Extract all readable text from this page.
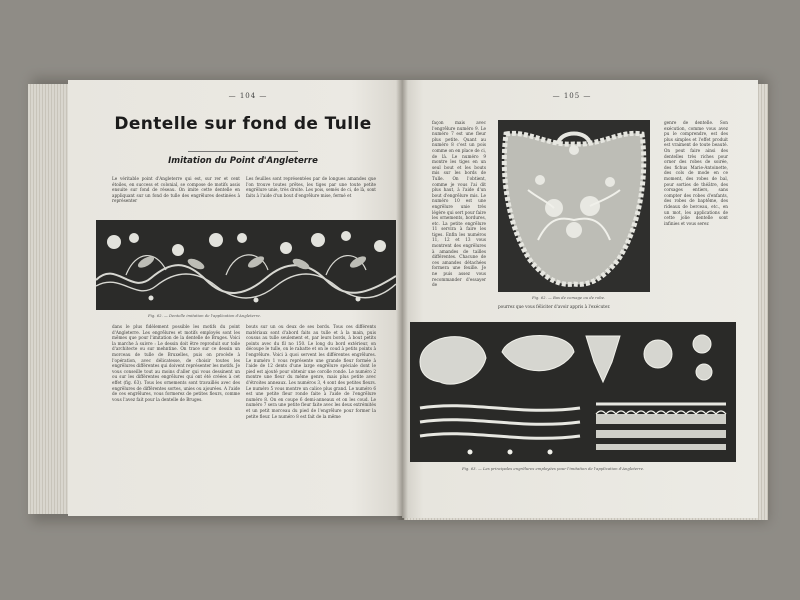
— 104 —
Dentelle sur fond de Tulle
Imitation du Point d'Angleterre
Le véritable point d'Angleterre qui est, sur rer et cent étoiles, en success et colonial, se compose de motifs assis ensuite sur fond de réseau. On imite cette dentelle en appliquant sur un fond de tulle des engrêlures destinées à représenter
Les feuilles sont représentées par de longues amandes que l'on trouve toutes prêtes, les tiges par une toute petite engrêlure unie, très droite. Les pois, semés de ci, de là, sont faits à l'aide d'un bout d'engrêlure mise, fermé et
Fig. 62. — Dentelle imitation de l'application d'Angleterre.
dans le plus fidèlement possible les motifs du point d'Angleterre. Les engrêlures et motifs employés sont les mêmes que pour l'imitation de la dentelle de Bruges. Voici la marche à suivre : Le dessin doit être reproduit sur toile d'architecte ou sur mehntine. On trace sur ce dessin un morceau de tulle de Bruxelles, puis on procède à l'opération, avec délicatesse, de choisir toutes les engrêlures différentes qui doivent représenter les motifs. Je vous conseille tout au moins d'aller qui vous dessinent un ou sur les différentes engrêlures qui ont été créées à cet effet (fig. 63). Tous les ornements sont travaillés avec des engrêlures de différentes sortes, unies ou ajourées. A l'aide de ces engrêlures, vous formerez de petites fleurs, comme vous l'avez fait pour la dentelle de Bruges.
bouts sur un ou deux de ses bords. Tous ces différents matériaux sont d'abord faits au tulle et à la main, puis cousus au tulle seulement et, par leurs bords, à bout petits points avec du fil no 150. Le long du bord extérieur, on découpe le tulle, on le rabatte et on le coud à petits points à l'engrêlure. Voici à quoi servent les différentes engrêlures. Le numéro 1 vous représente une grande fleur formée à l'aide de 12 dents d'une large engrêlure spéciale dont le pied est ajouté pour obtenir une corolle ronde. Le numéro 2 montre une fleur du même genre, mais plus petite avec d'étroites anneaux. Les numéros 3, 4 sont des petites fleurs. Le numéro 5 vous montre un calice plus grand. Le numéro 6 est une petite fleur ronde faite à l'aide de l'engrêlure numéro 8. On en coupe 6 demi-anneaux et on les coud. Le numéro 7 sera une petite fleur faite avec les deux extrémités et un petit morceau du pied de l'engrêlure pour former la petite fleur. Le numéro 8 est fait de la même
— 105 —
façon mais avec l'engrêlure numéro 9. Le numéro 7 est une fleur plus petite. Quant au numéro 8 c'est un pois comme on en place de ci, de là. Le numéro 9 montre les tiges en un seul bout et les bouts mis sur les bords de Tulle. On l'obtient, comme je vous l'ai dit plus haut, à l'aide d'un bout d'engrêlure mis. Le numéro 10 est une engrêlure unie très légère qui sert pour faire les ornements, bordures, etc. La petite engrêlure 11 servira à faire les tiges. Enfin les numéros 11, 12 et 13 vous montrent des engrêlures à amandes de tailles différentes. Chacune de ces amandes détachées formera une feuille. Je ne puis assez vous recommander d'essayer de
Fig. 62. — Bas de corsage ou de robe.
genre de dentelle. Son exécution, comme vous avez pu le comprendre, est des plus simples et l'effet produit est vraiment de toute beauté. On peut faire ainsi des dentelles très riches pour orner des robes de soirée, des fichus Marie-Antoinette, des cols de mode en ce moment, des robes de bal, pour sorties de théâtre, des corsages entiers, sans compter des robes d'enfants, des robes de baptême, des rideaux de berceau, etc., en un mot, les applications de cette jolie dentelle sont infinies et vous serez
pourrez que vous féliciter d'avoir appris à l'exécuter.
Fig. 63. — Les principales engrêlures employées pour l'imitation de l'application d'Angleterre.
